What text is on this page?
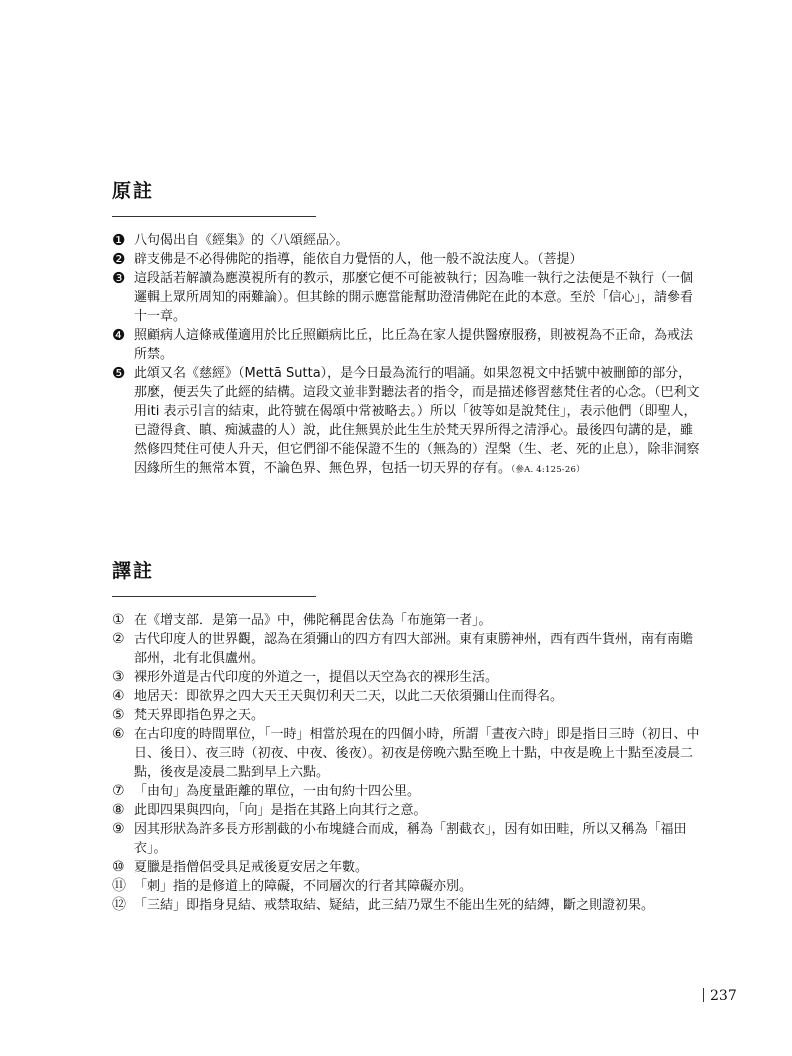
原註

❶ 八句偈出自《經集》的〈八頌經品〉。

❷ 辟支佛是不必得佛陀的指導，能依自力覺悟的人，他一般不說法度人。（菩提）

❸ 這段話若解讀為應漠視所有的教示，那麼它便不可能被執行；因為唯一執行之法便是不執行（一個邏輯上眾所周知的兩難論）。但其餘的開示應當能幫助澄清佛陀在此的本意。至於「信心」，請參看十一章。

❹ 照顧病人這條戒僅適用於比丘照顧病比丘，比丘為在家人提供醫療服務，則被視為不正命，為戒法所禁。

❺ 此頌又名《慈經》（Mettā Sutta），是今日最為流行的唱誦。如果忽視文中括號中被刪節的部分，那麼，便丟失了此經的結構。這段文並非對聽法者的指令，而是描述修習慈梵住者的心念。（巴利文用iti 表示引言的結束，此符號在偈頌中常被略去。）所以「彼等如是說梵住」，表示他們（即聖人，已證得貪、瞋、痴滅盡的人）說，此住無異於此生生於梵天界所得之清淨心。最後四句講的是，雖然修四梵住可使人升天，但它們卻不能保證不生的（無為的）涅槃（生、老、死的止息），除非洞察因緣所生的無常本質，不論色界、無色界，包括一切天界的存有。（參A. 4:125-26）

譯註

① 在《增支部．是第一品》中，佛陀稱毘舍佉為「布施第一者」。

② 古代印度人的世界觀，認為在須彌山的四方有四大部洲。東有東勝神州，西有西牛貨州，南有南贍部州，北有北俱盧州。

③ 裸形外道是古代印度的外道之一，提倡以天空為衣的裸形生活。

④ 地居天：即欲界之四大天王天與忉利天二天，以此二天依須彌山住而得名。

⑤ 梵天界即指色界之天。

⑥ 在古印度的時間單位，「一時」相當於現在的四個小時，所謂「晝夜六時」即是指日三時（初日、中日、後日）、夜三時（初夜、中夜、後夜）。初夜是傍晚六點至晚上十點，中夜是晚上十點至凌晨二點，後夜是凌晨二點到早上六點。

⑦ 「由旬」為度量距離的單位，一由旬約十四公里。

⑧ 此即四果與四向，「向」是指在其路上向其行之意。

⑨ 因其形狀為許多長方形割截的小布塊縫合而成，稱為「割截衣」，因有如田畦，所以又稱為「福田衣」。

⑩ 夏臘是指僧侶受具足戒後夏安居之年數。

⑪ 「刺」指的是修道上的障礙，不同層次的行者其障礙亦別。

⑫ 「三結」即指身見結、戒禁取結、疑結，此三結乃眾生不能出生死的結縛，斷之則證初果。

237
